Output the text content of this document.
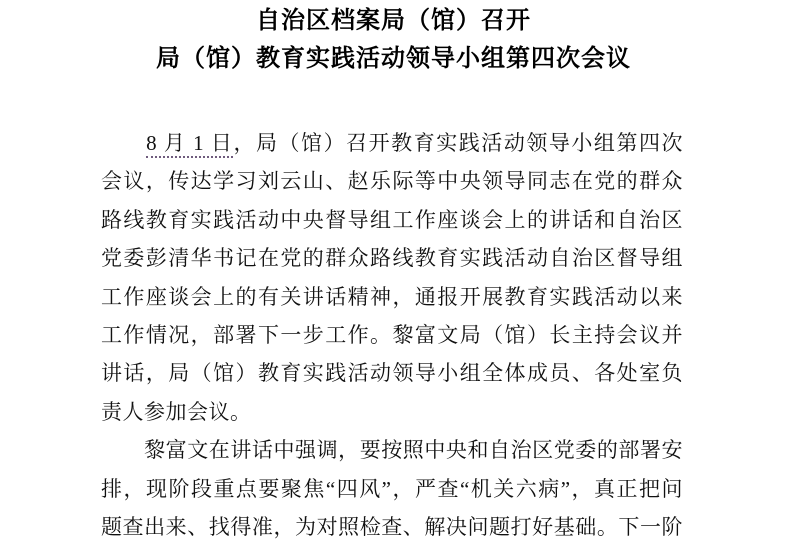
自治区档案局（馆）召开
局（馆）教育实践活动领导小组第四次会议
　　8 月 1 日，局（馆）召开教育实践活动领导小组第四次
会议，传达学习刘云山、赵乐际等中央领导同志在党的群众
路线教育实践活动中央督导组工作座谈会上的讲话和自治区
党委彭清华书记在党的群众路线教育实践活动自治区督导组
工作座谈会上的有关讲话精神，通报开展教育实践活动以来
工作情况，部署下一步工作。黎富文局（馆）长主持会议并
讲话，局（馆）教育实践活动领导小组全体成员、各处室负
责人参加会议。
　　黎富文在讲话中强调，要按照中央和自治区党委的部署安
排，现阶段重点要聚焦“四风”，严查“机关六病”，真正把问
题查出来、找得准，为对照检查、解决问题打好基础。下一阶
